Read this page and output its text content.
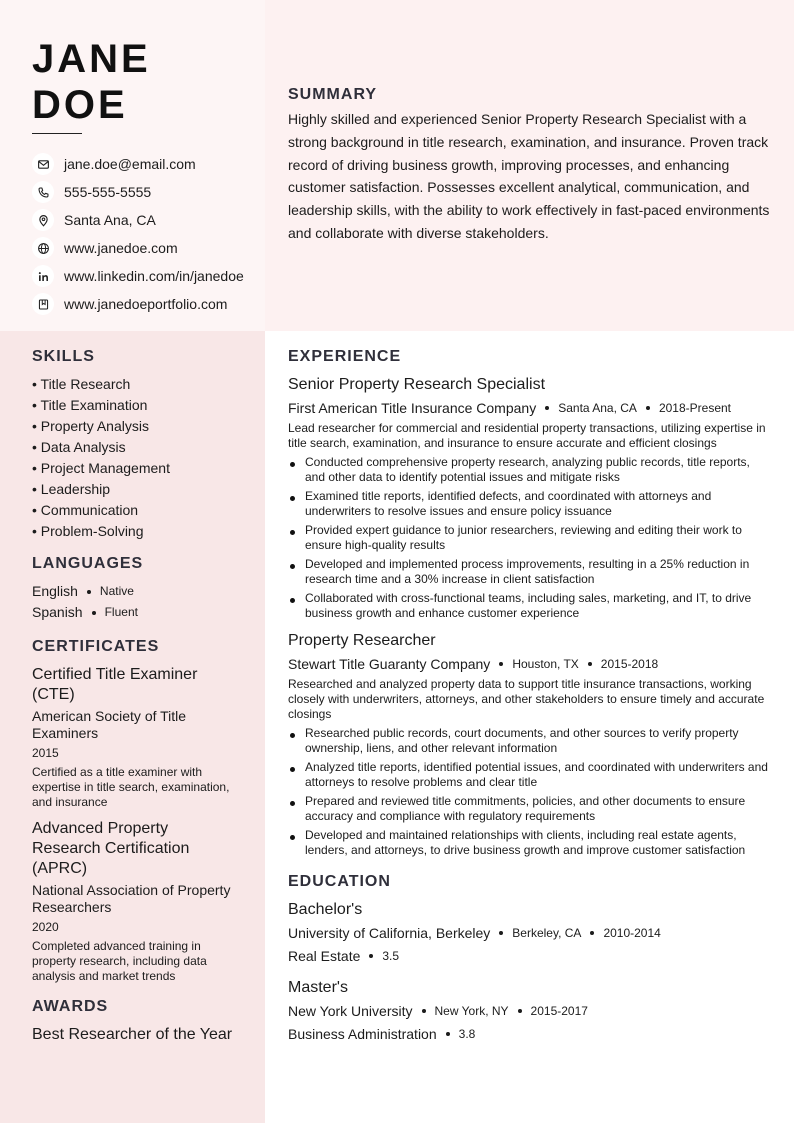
JANE
DOE
jane.doe@email.com
555-555-5555
Santa Ana, CA
www.janedoe.com
www.linkedin.com/in/janedoe
www.janedoeportfolio.com
SUMMARY

Highly skilled and experienced Senior Property Research Specialist with a strong background in title research, examination, and insurance. Proven track record of driving business growth, improving processes, and enhancing customer satisfaction. Possesses excellent analytical, communication, and leadership skills, with the ability to work effectively in fast-paced environments and collaborate with diverse stakeholders.

SKILLS
• Title Research
• Title Examination
• Property Analysis
• Data Analysis
• Project Management
• Leadership
• Communication
• Problem-Solving
LANGUAGES
English Native
Spanish Fluent
CERTIFICATES
Certified Title Examiner (CTE)
American Society of Title Examiners
2015
Certified as a title examiner with expertise in title search, examination, and insurance
Advanced Property Research Certification (APRC)
National Association of Property Researchers
2020
Completed advanced training in property research, including data analysis and market trends
AWARDS
Best Researcher of the Year
EXPERIENCE
Senior Property Research Specialist
First American Title Insurance Company Santa Ana, CA 2018-Present
Lead researcher for commercial and residential property transactions, utilizing expertise in title search, examination, and insurance to ensure accurate and efficient closings
Conducted comprehensive property research, analyzing public records, title reports, and other data to identify potential issues and mitigate risks
Examined title reports, identified defects, and coordinated with attorneys and underwriters to resolve issues and ensure policy issuance
Provided expert guidance to junior researchers, reviewing and editing their work to ensure high-quality results
Developed and implemented process improvements, resulting in a 25% reduction in research time and a 30% increase in client satisfaction
Collaborated with cross-functional teams, including sales, marketing, and IT, to drive business growth and enhance customer experience
Property Researcher
Stewart Title Guaranty Company Houston, TX 2015-2018
Researched and analyzed property data to support title insurance transactions, working closely with underwriters, attorneys, and other stakeholders to ensure timely and accurate closings
Researched public records, court documents, and other sources to verify property ownership, liens, and other relevant information
Analyzed title reports, identified potential issues, and coordinated with underwriters and attorneys to resolve problems and clear title
Prepared and reviewed title commitments, policies, and other documents to ensure accuracy and compliance with regulatory requirements
Developed and maintained relationships with clients, including real estate agents, lenders, and attorneys, to drive business growth and improve customer satisfaction
EDUCATION
Bachelor's
University of California, Berkeley Berkeley, CA 2010-2014
Real Estate 3.5
Master's
New York University New York, NY 2015-2017
Business Administration 3.8
